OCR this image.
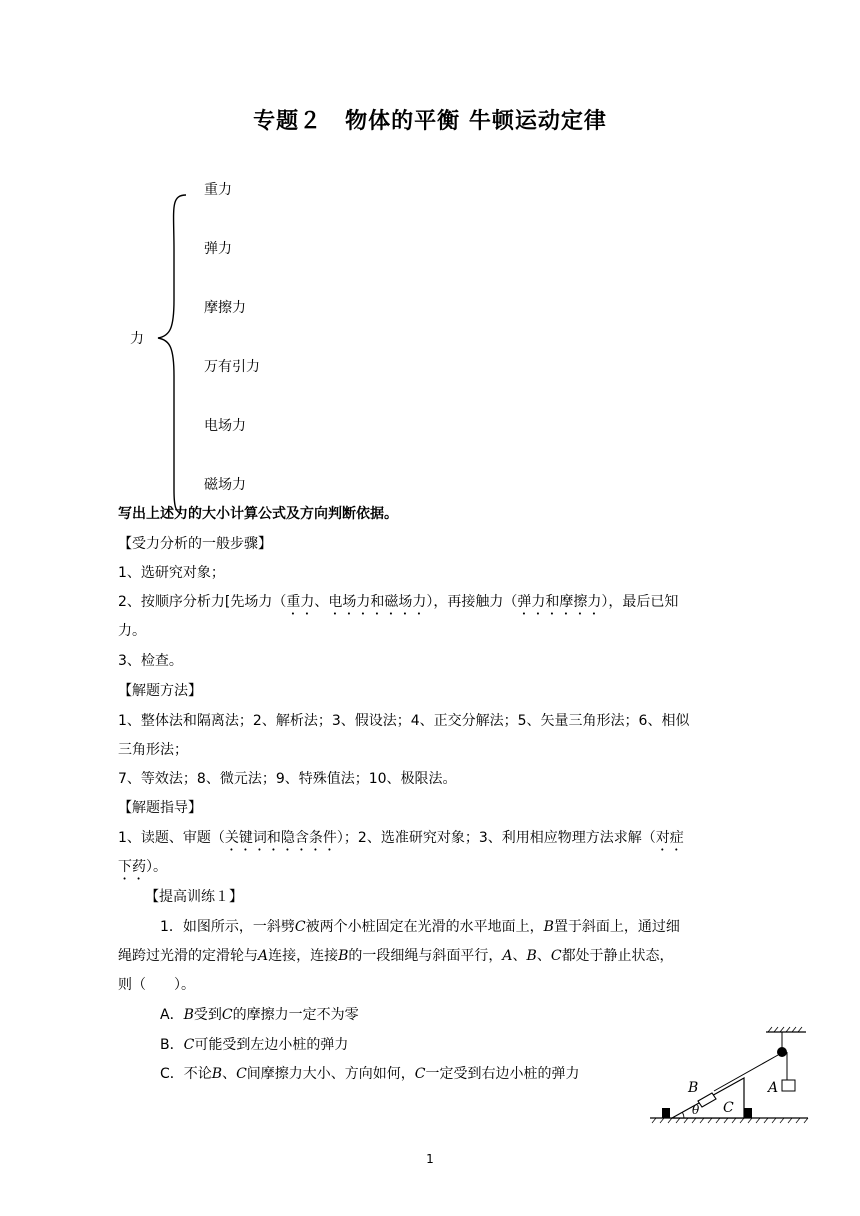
专题２　物体的平衡 牛顿运动定律
力
重力
弹力
摩擦力
万有引力
电场力
磁场力
写出上述力的大小计算公式及方向判断依据。
【受力分析的一般步骤】
1、选研究对象；
2、按顺序分析力[先场力（重力、电场力和磁场力），再接触力（弹力和摩擦力），最后已知
力。
3、检查。
【解题方法】
1、整体法和隔离法；2、解析法；3、假设法；4、正交分解法；5、矢量三角形法；6、相似
三角形法；
7、等效法；8、微元法；9、特殊值法；10、极限法。
【解题指导】
1、读题、审题（关键词和隐含条件）；2、选准研究对象；3、利用相应物理方法求解（对症
下药）。
【提高训练１】
1．如图所示，一斜劈C被两个小桩固定在光滑的水平地面上，B置于斜面上，通过细
绳跨过光滑的定滑轮与A连接，连接B的一段细绳与斜面平行，A、B、C都处于静止状态，
则（　　）。
A．B受到C的摩擦力一定不为零
B．C可能受到左边小桩的弹力
C．不论B、C间摩擦力大小、方向如何，C一定受到右边小桩的弹力
θ
B
C
A
1
